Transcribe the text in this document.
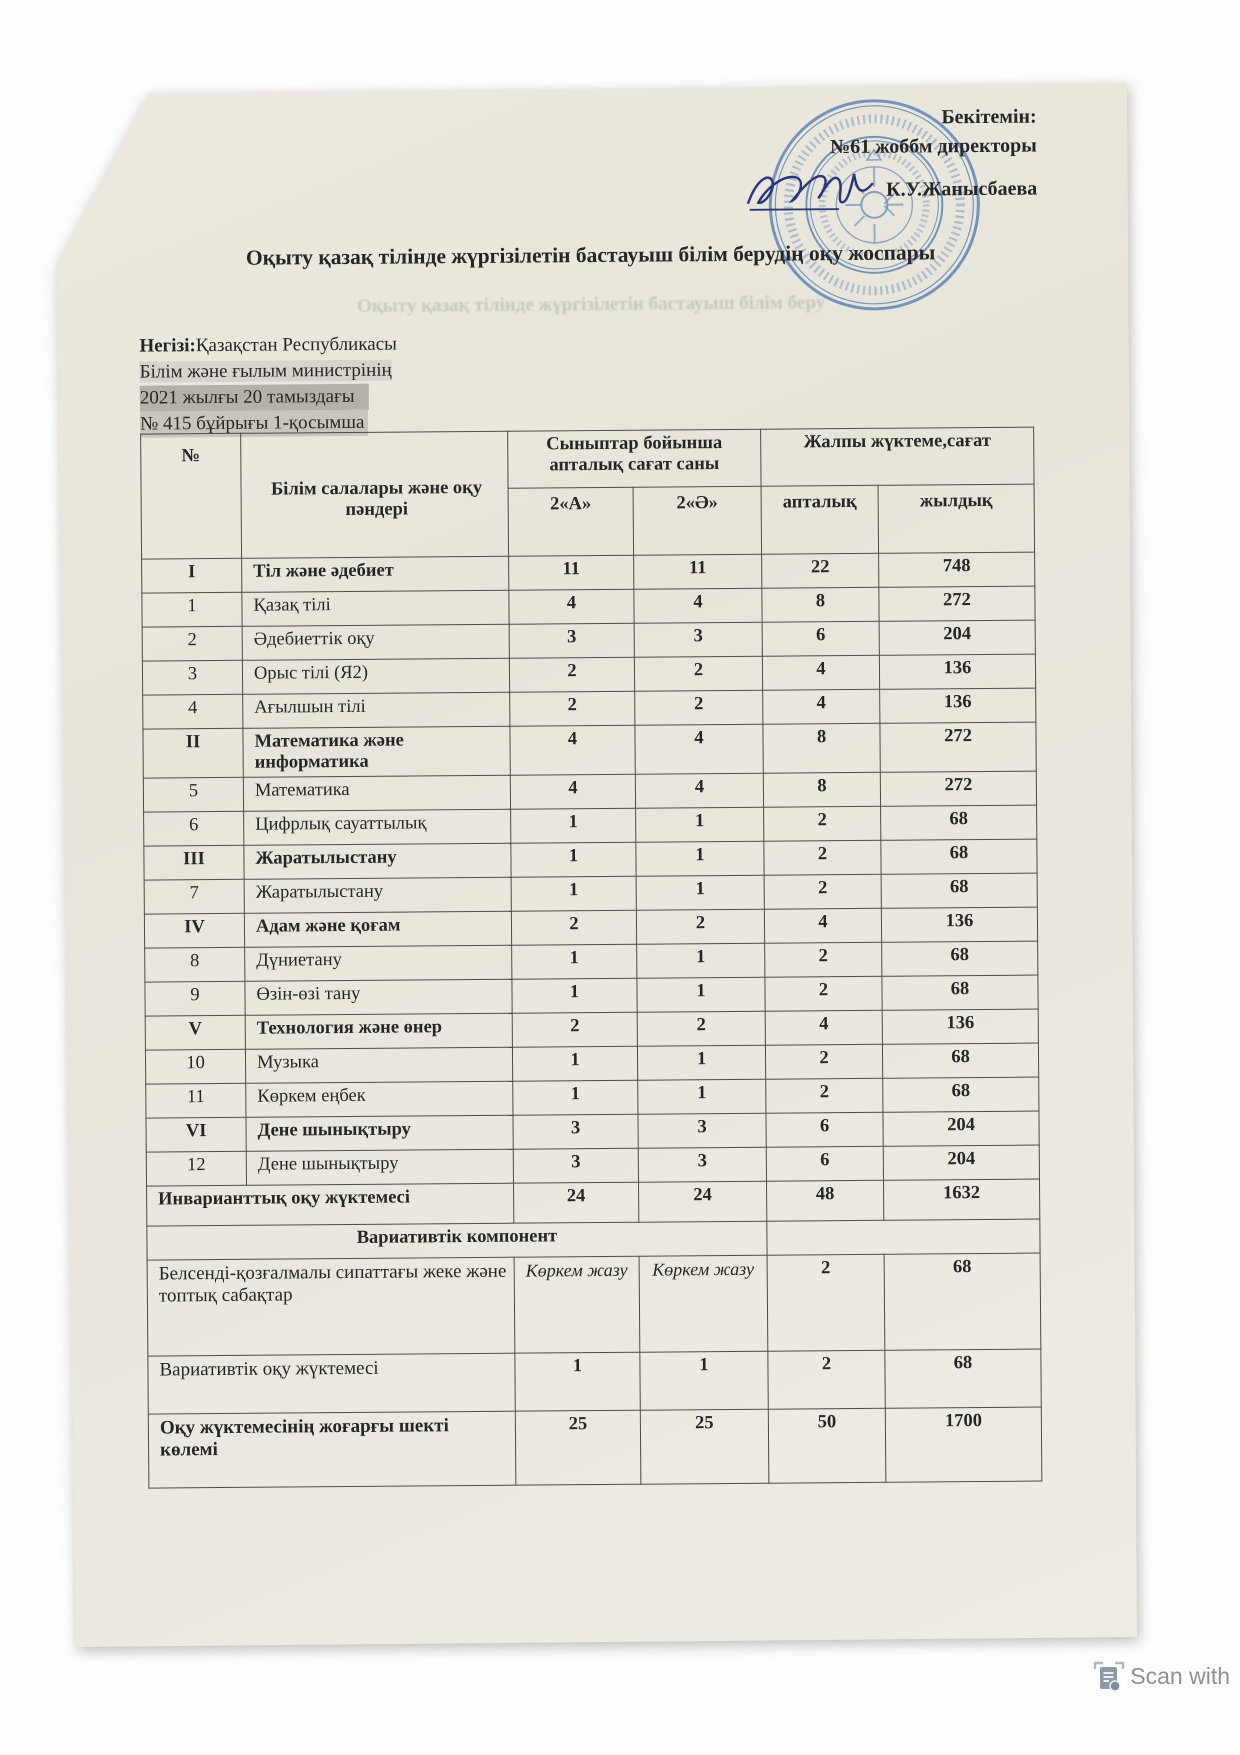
Бекітемін:
№61 жоббм директоры
К.У.Жанысбаева
Оқыту қазақ тілінде жүргізілетін бастауыш білім берудің оқу жоспары
Оқыту қазақ тілінде жүргізілетін бастауыш білім беру
Негізі:Қазақстан Республикасы
Білім және ғылым министрінің
2021 жылғы 20 тамыздағы
№ 415 бұйрығы 1-қосымша
№	Білім салалары және оқу пәндері	Сыныптар бойынша апталық сағат саны		Жалпы жүктеме,сағат	
		2«А»	2«Ә»	апталық	жылдық
I	Тіл және әдебиет	11	11	22	748
1	Қазақ тілі	4	4	8	272
2	Әдебиеттік оқу	3	3	6	204
3	Орыс тілі (Я2)	2	2	4	136
4	Ағылшын тілі	2	2	4	136
II	Математика және информатика	4	4	8	272
5	Математика	4	4	8	272
6	Цифрлық сауаттылық	1	1	2	68
III	Жаратылыстану	1	1	2	68
7	Жаратылыстану	1	1	2	68
IV	Адам және қоғам	2	2	4	136
8	Дүниетану	1	1	2	68
9	Өзін-өзі тану	1	1	2	68
V	Технология және өнер	2	2	4	136
10	Музыка	1	1	2	68
11	Көркем еңбек	1	1	2	68
VI	Дене шынықтыру	3	3	6	204
12	Дене шынықтыру	3	3	6	204
Инварианттық оқу жүктемесі		24	24	48	1632
Вариативтік компонент					
Белсенді-қозғалмалы сипаттағы жеке және топтық сабақтар		Көркем жазу	Көркем жазу	2	68
Вариативтік оқу жүктемесі		1	1	2	68
Оқу жүктемесінің жоғарғы шекті көлемі		25	25	50	1700
Scan with
